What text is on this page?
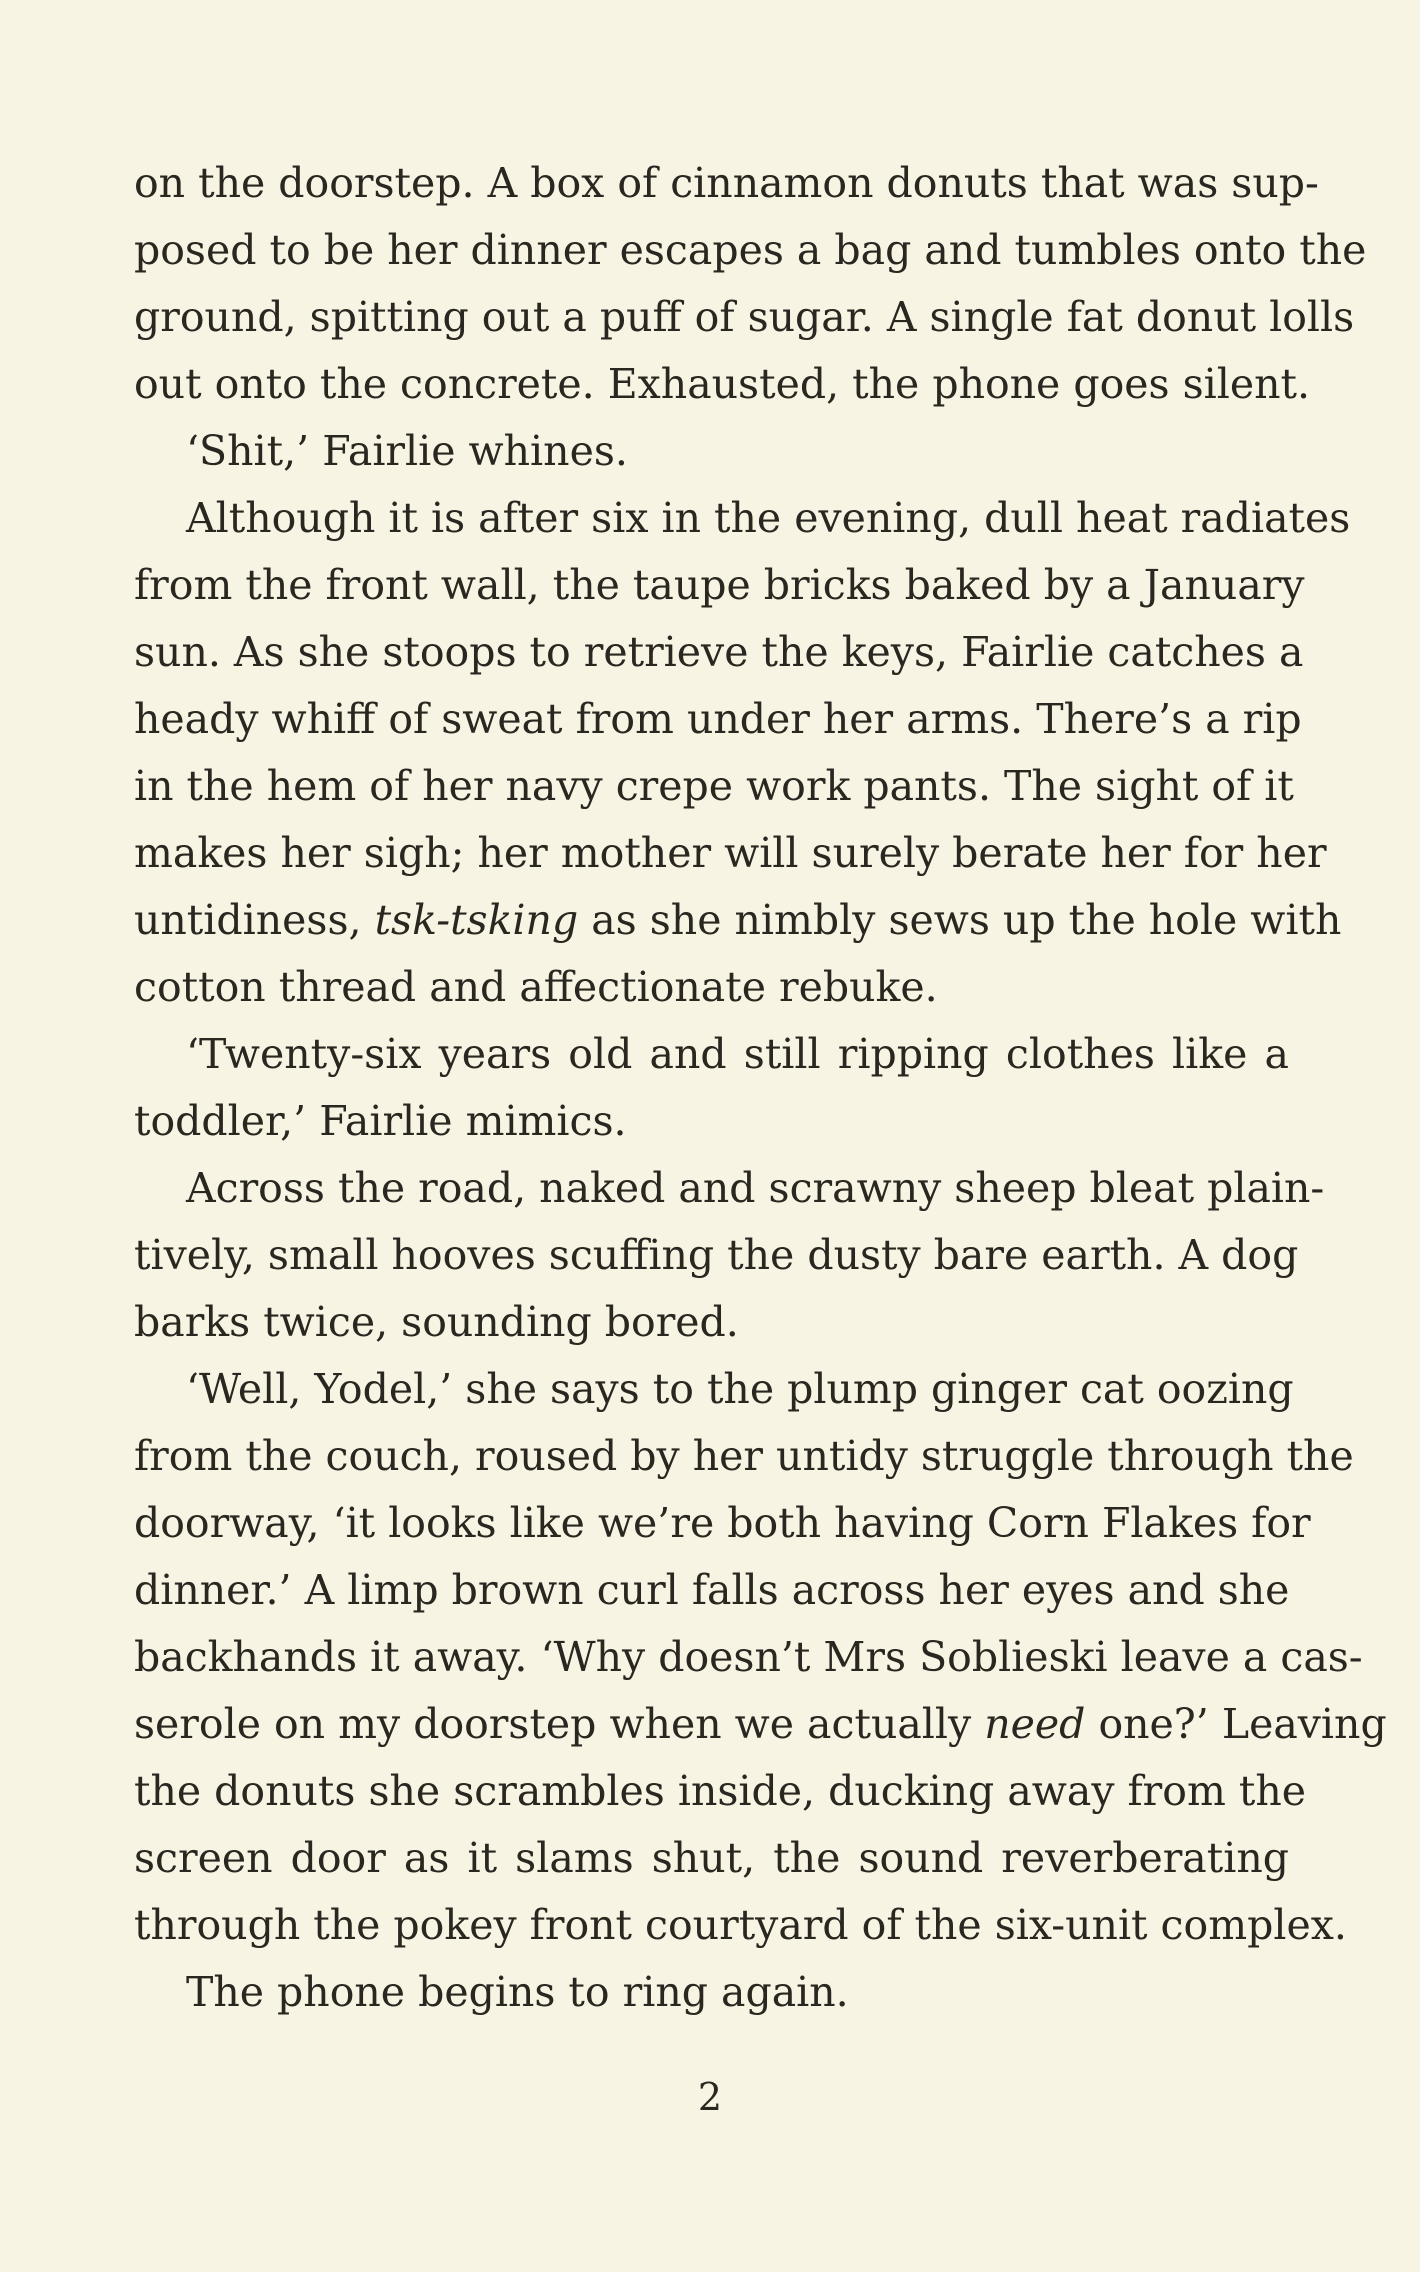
on the doorstep. A box of cinnamon donuts that was sup-
posed to be her dinner escapes a bag and tumbles onto the
ground, spitting out a puff of sugar. A single fat donut lolls
out onto the concrete. Exhausted, the phone goes silent.
‘Shit,’ Fairlie whines.
Although it is after six in the evening, dull heat radiates
from the front wall, the taupe bricks baked by a January
sun. As she stoops to retrieve the keys, Fairlie catches a
heady whiff of sweat from under her arms. There’s a rip
in the hem of her navy crepe work pants. The sight of it
makes her sigh; her mother will surely berate her for her
untidiness, tsk-tsking as she nimbly sews up the hole with
cotton thread and affectionate rebuke.
‘Twenty-six years old and still ripping clothes like a
toddler,’ Fairlie mimics.
Across the road, naked and scrawny sheep bleat plain-
tively, small hooves scuffing the dusty bare earth. A dog
barks twice, sounding bored.
‘Well, Yodel,’ she says to the plump ginger cat oozing
from the couch, roused by her untidy struggle through the
doorway, ‘it looks like we’re both having Corn Flakes for
dinner.’ A limp brown curl falls across her eyes and she
backhands it away. ‘Why doesn’t Mrs Soblieski leave a cas-
serole on my doorstep when we actually need one?’ Leaving
the donuts she scrambles inside, ducking away from the
screen door as it slams shut, the sound reverberating
through the pokey front courtyard of the six-unit complex.
The phone begins to ring again.
2
